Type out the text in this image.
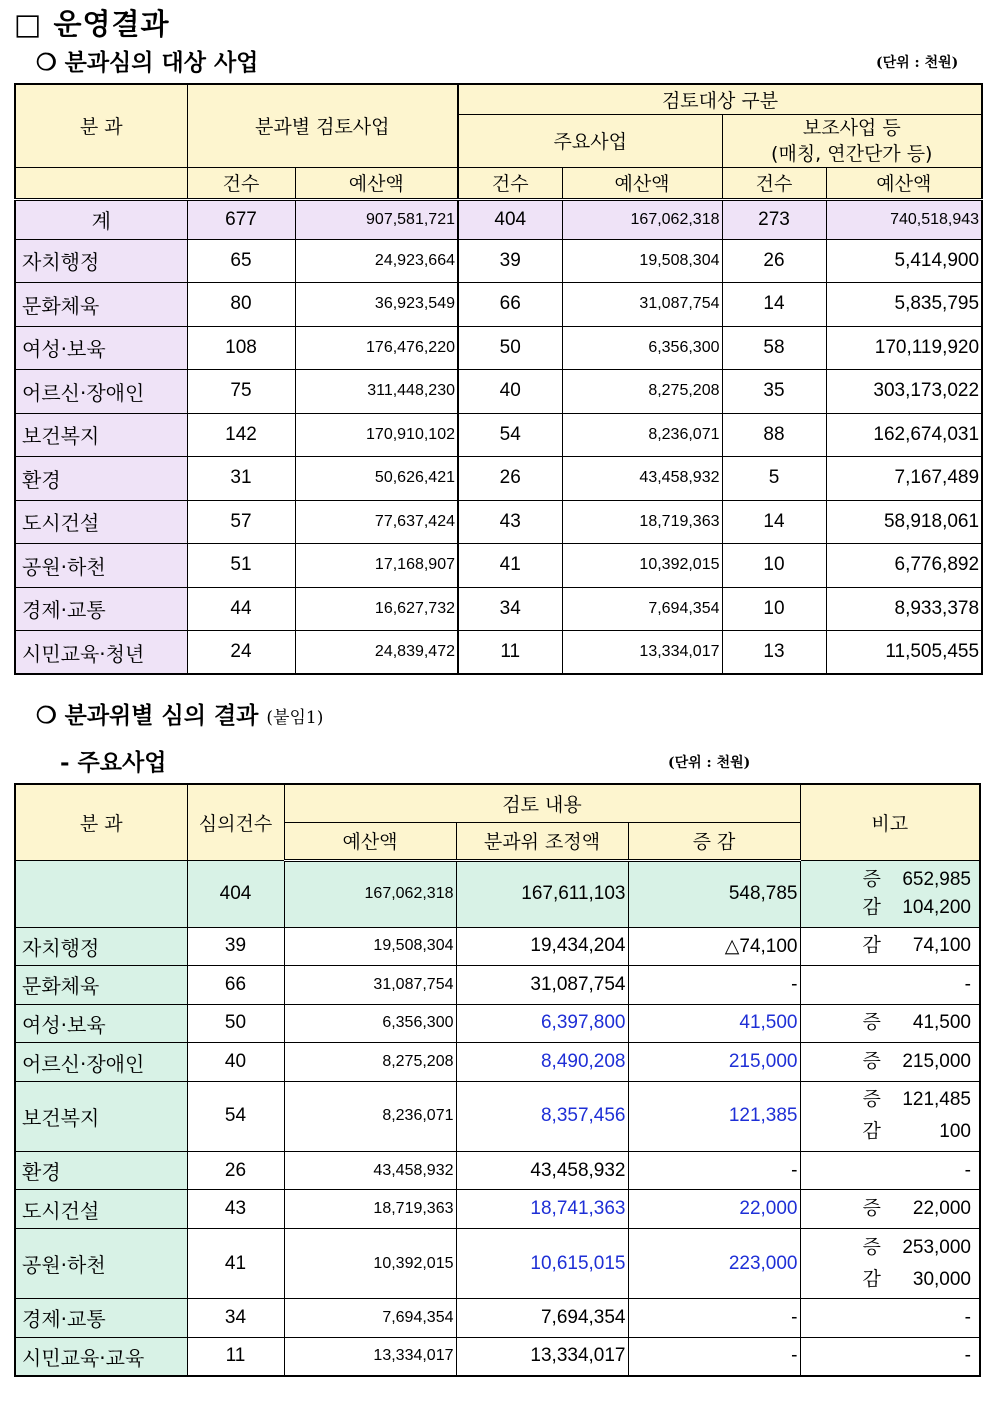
□ 운영결과
❍ 분과심의 대상 사업	(단위 : 천원)
분 과	분과별 검토사업		검토대상 구분			
			주요사업		보조사업 등
(매칭, 연간단가 등)	

	건수	예산액	건수	예산액	건수	예산액
계	677	907,581,721	404	167,062,318	273	740,518,943
자치행정	65	24,923,664	39	19,508,304	26	5,414,900
문화체육	80	36,923,549	66	31,087,754	14	5,835,795
여성·보육	108	176,476,220	50	6,356,300	58	170,119,920
어르신·장애인	75	311,448,230	40	8,275,208	35	303,173,022
보건복지	142	170,910,102	54	8,236,071	88	162,674,031
환경	31	50,626,421	26	43,458,932	5	7,167,489
도시건설	57	77,637,424	43	18,719,363	14	58,918,061
공원·하천	51	17,168,907	41	10,392,015	10	6,776,892
경제·교통	44	16,627,732	34	7,694,354	10	8,933,378
시민교육·청년	24	24,839,472	11	13,334,017	13	11,505,455
❍ 분과위별 심의 결과 (붙임1)
- 주요사업	(단위 : 천원)
분 과	심의건수	검토 내용			비고
		예산액	분과위 조정액	증 감	
	404	167,062,318	167,611,103	548,785	증 652,985
감 104,200

자치행정	39	19,508,304	19,434,204	△74,100	감 74,100

문화체육	66	31,087,754	31,087,754	-	-

여성·보육	50	6,356,300	6,397,800	41,500	증 41,500

어르신·장애인	40	8,275,208	8,490,208	215,000	증 215,000

보건복지	54	8,236,071	8,357,456	121,385	증 121,485
감 100

환경	26	43,458,932	43,458,932	-	-

도시건설	43	18,719,363	18,741,363	22,000	증 22,000

공원·하천	41	10,392,015	10,615,015	223,000	증 253,000
감 30,000

경제·교통	34	7,694,354	7,694,354	-	-

시민교육·교육	11	13,334,017	13,334,017	-	-
